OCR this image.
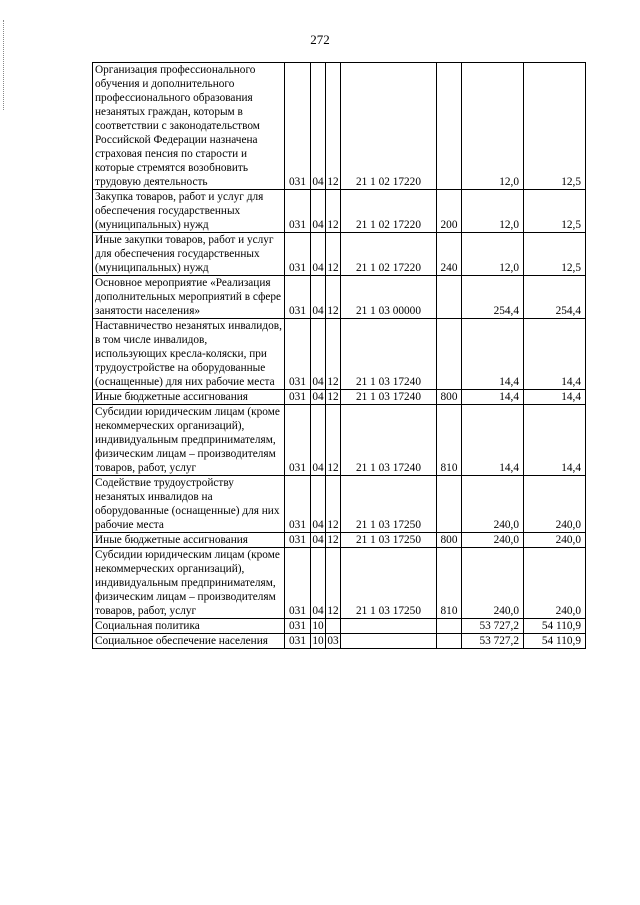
272
Организация профессионального обучения и дополнительного профессионального образования незанятых граждан, которым в соответствии с законодательством Российской Федерации назначена страховая пенсия по старости и которые стремятся возобновить трудовую деятельность	031	04	12	21 1 02 17220		12,0	12,5
Закупка товаров, работ и услуг для обеспечения государственных (муниципальных) нужд	031	04	12	21 1 02 17220	200	12,0	12,5
Иные закупки товаров, работ и услуг для обеспечения государственных (муниципальных) нужд	031	04	12	21 1 02 17220	240	12,0	12,5
Основное мероприятие «Реализация дополнительных мероприятий в сфере занятости населения»	031	04	12	21 1 03 00000		254,4	254,4
Наставничество незанятых инвалидов, в том числе инвалидов, использующих кресла-коляски, при трудоустройстве на оборудованные (оснащенные) для них рабочие места	031	04	12	21 1 03 17240		14,4	14,4
Иные бюджетные ассигнования	031	04	12	21 1 03 17240	800	14,4	14,4
Субсидии юридическим лицам (кроме некоммерческих организаций), индивидуальным предпринимателям, физическим лицам – производителям товаров, работ, услуг	031	04	12	21 1 03 17240	810	14,4	14,4
Содействие трудоустройству незанятых инвалидов на оборудованные (оснащенные) для них рабочие места	031	04	12	21 1 03 17250		240,0	240,0
Иные бюджетные ассигнования	031	04	12	21 1 03 17250	800	240,0	240,0
Субсидии юридическим лицам (кроме некоммерческих организаций), индивидуальным предпринимателям, физическим лицам – производителям товаров, работ, услуг	031	04	12	21 1 03 17250	810	240,0	240,0
Социальная политика	031	10				53 727,2	54 110,9
Социальное обеспечение населения	031	10	03			53 727,2	54 110,9
